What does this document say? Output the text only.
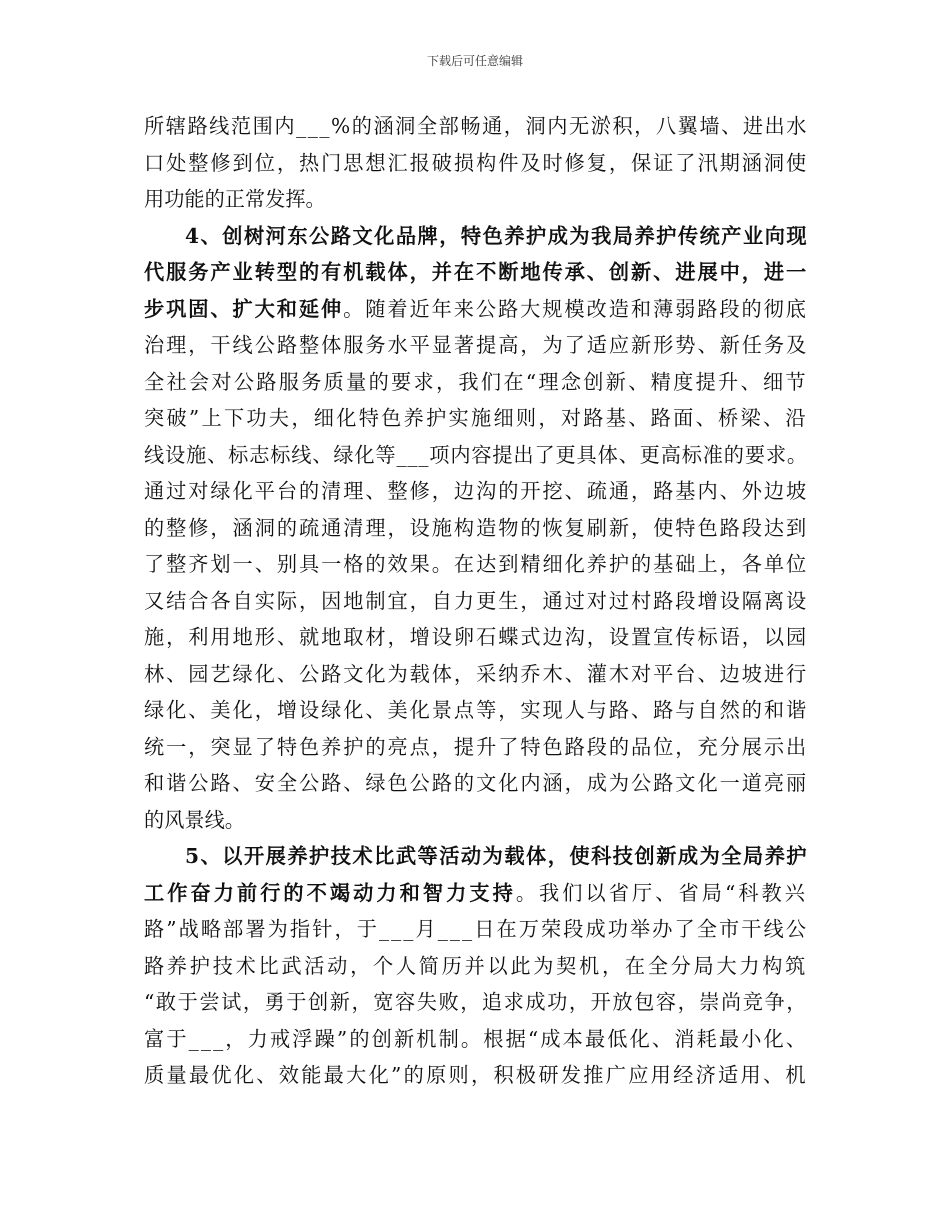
下载后可任意编辑
所辖路线范围内___%的涵洞全部畅通，洞内无淤积，八翼墙、进出水
口处整修到位，热门思想汇报破损构件及时修复，保证了汛期涵洞使
用功能的正常发挥。
4、创树河东公路文化品牌，特色养护成为我局养护传统产业向现
代服务产业转型的有机载体，并在不断地传承、创新、进展中，进一
步巩固、扩大和延伸。随着近年来公路大规模改造和薄弱路段的彻底
治理，干线公路整体服务水平显著提高，为了适应新形势、新任务及
全社会对公路服务质量的要求，我们在“理念创新、精度提升、细节
突破”上下功夫，细化特色养护实施细则，对路基、路面、桥梁、沿
线设施、标志标线、绿化等___项内容提出了更具体、更高标准的要求。
通过对绿化平台的清理、整修，边沟的开挖、疏通，路基内、外边坡
的整修，涵洞的疏通清理，设施构造物的恢复刷新，使特色路段达到
了整齐划一、别具一格的效果。在达到精细化养护的基础上，各单位
又结合各自实际，因地制宜，自力更生，通过对过村路段增设隔离设
施，利用地形、就地取材，增设卵石蝶式边沟，设置宣传标语，以园
林、园艺绿化、公路文化为载体，采纳乔木、灌木对平台、边坡进行
绿化、美化，增设绿化、美化景点等，实现人与路、路与自然的和谐
统一，突显了特色养护的亮点，提升了特色路段的品位，充分展示出
和谐公路、安全公路、绿色公路的文化内涵，成为公路文化一道亮丽
的风景线。
5、以开展养护技术比武等活动为载体，使科技创新成为全局养护
工作奋力前行的不竭动力和智力支持。我们以省厅、省局“科教兴
路”战略部署为指针，于___月___日在万荣段成功举办了全市干线公
路养护技术比武活动，个人简历并以此为契机，在全分局大力构筑
“敢于尝试，勇于创新，宽容失败，追求成功，开放包容，崇尚竞争，
富于___，力戒浮躁”的创新机制。根据“成本最低化、消耗最小化、
质量最优化、效能最大化”的原则，积极研发推广应用经济适用、机
